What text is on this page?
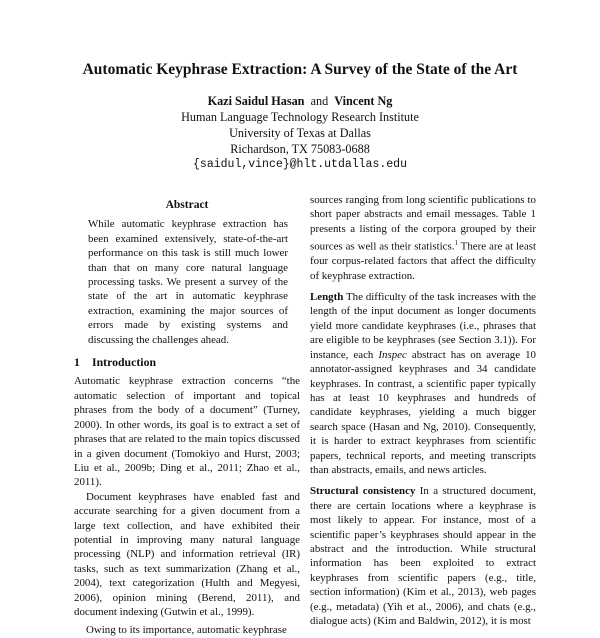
Automatic Keyphrase Extraction: A Survey of the State of the Art
Kazi Saidul Hasan and Vincent Ng
Human Language Technology Research Institute
University of Texas at Dallas
Richardson, TX 75083-0688
{saidul,vince}@hlt.utdallas.edu
Abstract

While automatic keyphrase extraction has been examined extensively, state-of-the-art performance on this task is still much lower than that on many core natural language processing tasks. We present a survey of the state of the art in automatic keyphrase extraction, examining the major sources of errors made by existing systems and discussing the challenges ahead.

1 Introduction

Automatic keyphrase extraction concerns “the automatic selection of important and topical phrases from the body of a document” (Turney, 2000). In other words, its goal is to extract a set of phrases that are related to the main topics discussed in a given document (Tomokiyo and Hurst, 2003; Liu et al., 2009b; Ding et al., 2011; Zhao et al., 2011).

Document keyphrases have enabled fast and accurate searching for a given document from a large text collection, and have exhibited their potential in improving many natural language processing (NLP) and information retrieval (IR) tasks, such as text summarization (Zhang et al., 2004), text categorization (Hulth and Megyesi, 2006), opinion mining (Berend, 2011), and document indexing (Gutwin et al., 1999).

Owing to its importance, automatic keyphrase

sources ranging from long scientific publications to short paper abstracts and email messages. Table 1 presents a listing of the corpora grouped by their sources as well as their statistics.$^1$ There are at least four corpus-related factors that affect the difficulty of keyphrase extraction.

Length The difficulty of the task increases with the length of the input document as longer documents yield more candidate keyphrases (i.e., phrases that are eligible to be keyphrases (see Section 3.1)). For instance, each Inspec abstract has on average 10 annotator-assigned keyphrases and 34 candidate keyphrases. In contrast, a scientific paper typically has at least 10 keyphrases and hundreds of candidate keyphrases, yielding a much bigger search space (Hasan and Ng, 2010). Consequently, it is harder to extract keyphrases from scientific papers, technical reports, and meeting transcripts than abstracts, emails, and news articles.

Structural consistency In a structured document, there are certain locations where a keyphrase is most likely to appear. For instance, most of a scientific paper’s keyphrases should appear in the abstract and the introduction. While structural information has been exploited to extract keyphrases from scientific papers (e.g., title, section information) (Kim et al., 2013), web pages (e.g., metadata) (Yih et al., 2006), and chats (e.g., dialogue acts) (Kim and Baldwin, 2012), it is most
